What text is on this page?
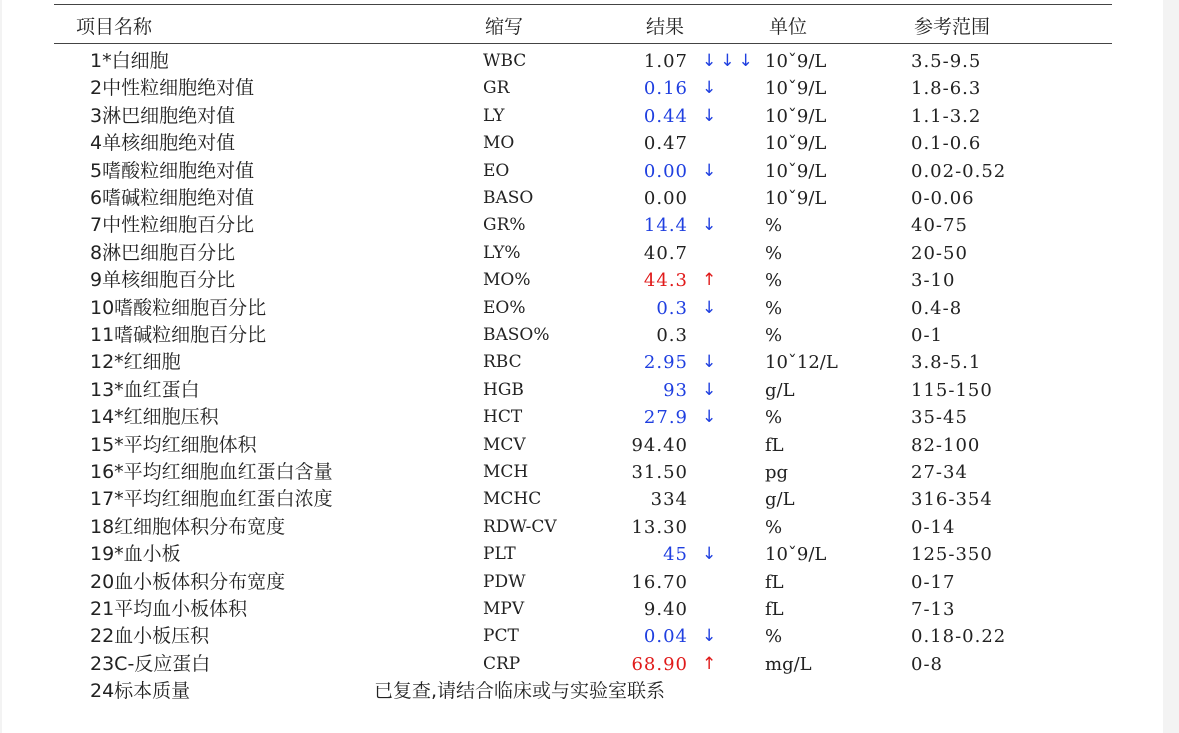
项目名称	缩写	结果	单位	参考范围
1*白细胞	WBC	1.07 ↓↓↓ 10ˇ9/L	3.5-9.5
2中性粒细胞绝对值	GR	0.16 ↓	10ˇ9/L	1.8-6.3
3淋巴细胞绝对值	LY	0.44 ↓	10ˇ9/L	1.1-3.2
4单核细胞绝对值	MO	0.47	10ˇ9/L	0.1-0.6
5嗜酸粒细胞绝对值	EO	0.00 ↓	10ˇ9/L	0.02-0.52
6嗜碱粒细胞绝对值	BASO	0.00	10ˇ9/L	0-0.06
7中性粒细胞百分比	GR%	14.4 ↓	%	40-75
8淋巴细胞百分比	LY%	40.7	%	20-50
9单核细胞百分比	MO%	44.3 ↑	%	3-10
10嗜酸粒细胞百分比	EO%	0.3 ↓	%	0.4-8
11嗜碱粒细胞百分比	BASO%	0.3	%	0-1
12*红细胞	RBC	2.95 ↓	10ˇ12/L	3.8-5.1
13*血红蛋白	HGB	93 ↓	g/L	115-150
14*红细胞压积	HCT	27.9 ↓	%	35-45
15*平均红细胞体积	MCV	94.40	fL	82-100
16*平均红细胞血红蛋白含量	MCH	31.50	pg	27-34
17*平均红细胞血红蛋白浓度	MCHC	334	g/L	316-354
18红细胞体积分布宽度	RDW-CV	13.30	%	0-14
19*血小板	PLT	45 ↓	10ˇ9/L	125-350
20血小板体积分布宽度	PDW	16.70	fL	0-17
21平均血小板体积	MPV	9.40	fL	7-13
22血小板压积	PCT	0.04 ↓	%	0.18-0.22
23C-反应蛋白	CRP	68.90 ↑	mg/L	0-8
24标本质量	已复查,请结合临床或与实验室联系
